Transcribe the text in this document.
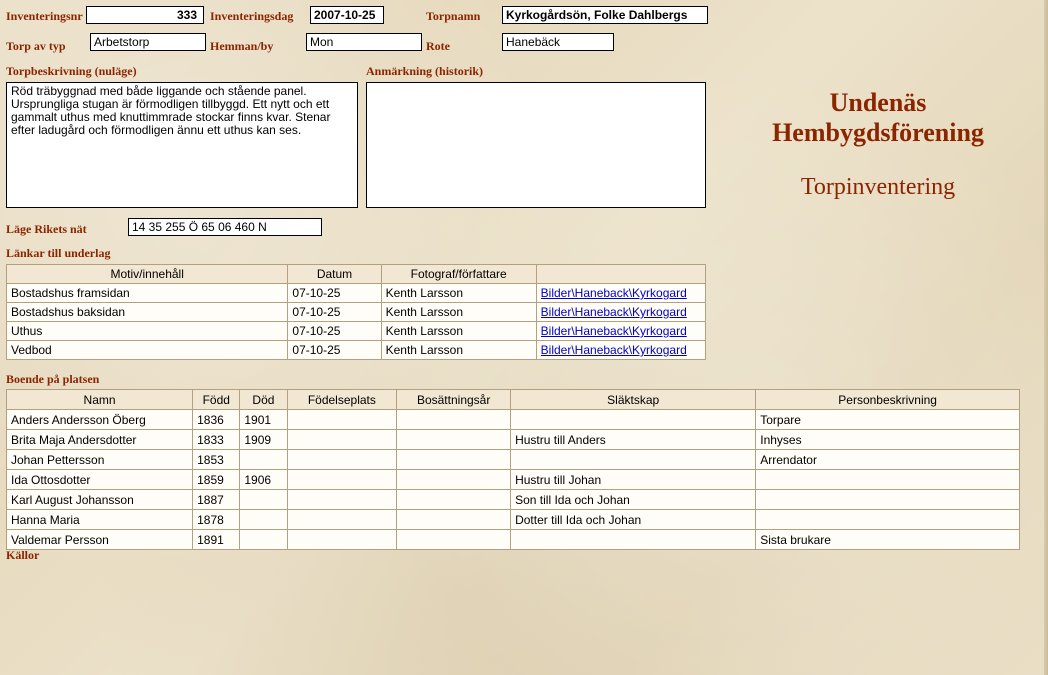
Inventeringsnr	333	Inventeringsdag	2007-10-25	Torpnamn	Kyrkogårdsön, Folke Dahlbergs
Torp av typ	Arbetstorp	Hemman/by	Mon	Rote	Hanebäck
Torpbeskrivning (nuläge)
Röd träbyggnad med både liggande och stående panel. Ursprungliga stugan är förmodligen tillbyggd. Ett nytt och ett gammalt uthus med knuttimmrade stockar finns kvar. Stenar efter ladugård och förmodligen ännu ett uthus kan ses.
Anmärkning (historik)
Undenäs
Hembygdsförening
Torpinventering
Läge Rikets nät	14 35 255 Ö 65 06 460 N
Länkar till underlag
Motiv/innehåll	Datum	Fotograf/författare	
Bostadshus framsidan	07-10-25	Kenth Larsson	Bilder\Haneback\Kyrkogard

Bostadshus baksidan	07-10-25	Kenth Larsson	Bilder\Haneback\Kyrkogard

Uthus	07-10-25	Kenth Larsson	Bilder\Haneback\Kyrkogard

Vedbod	07-10-25	Kenth Larsson	Bilder\Haneback\Kyrkogard
Boende på platsen
Namn	Född	Död	Födelseplats	Bosättningsår	Släktskap	Personbeskrivning
Anders Andersson Öberg	1836	1901				Torpare
Brita Maja Andersdotter	1833	1909			Hustru till Anders	Inhyses
Johan Pettersson	1853					Arrendator
Ida Ottosdotter	1859	1906			Hustru till Johan	
Karl August Johansson	1887				Son till Ida och Johan	
Hanna Maria	1878				Dotter till Ida och Johan	
Valdemar Persson	1891					Sista brukare
Källor
